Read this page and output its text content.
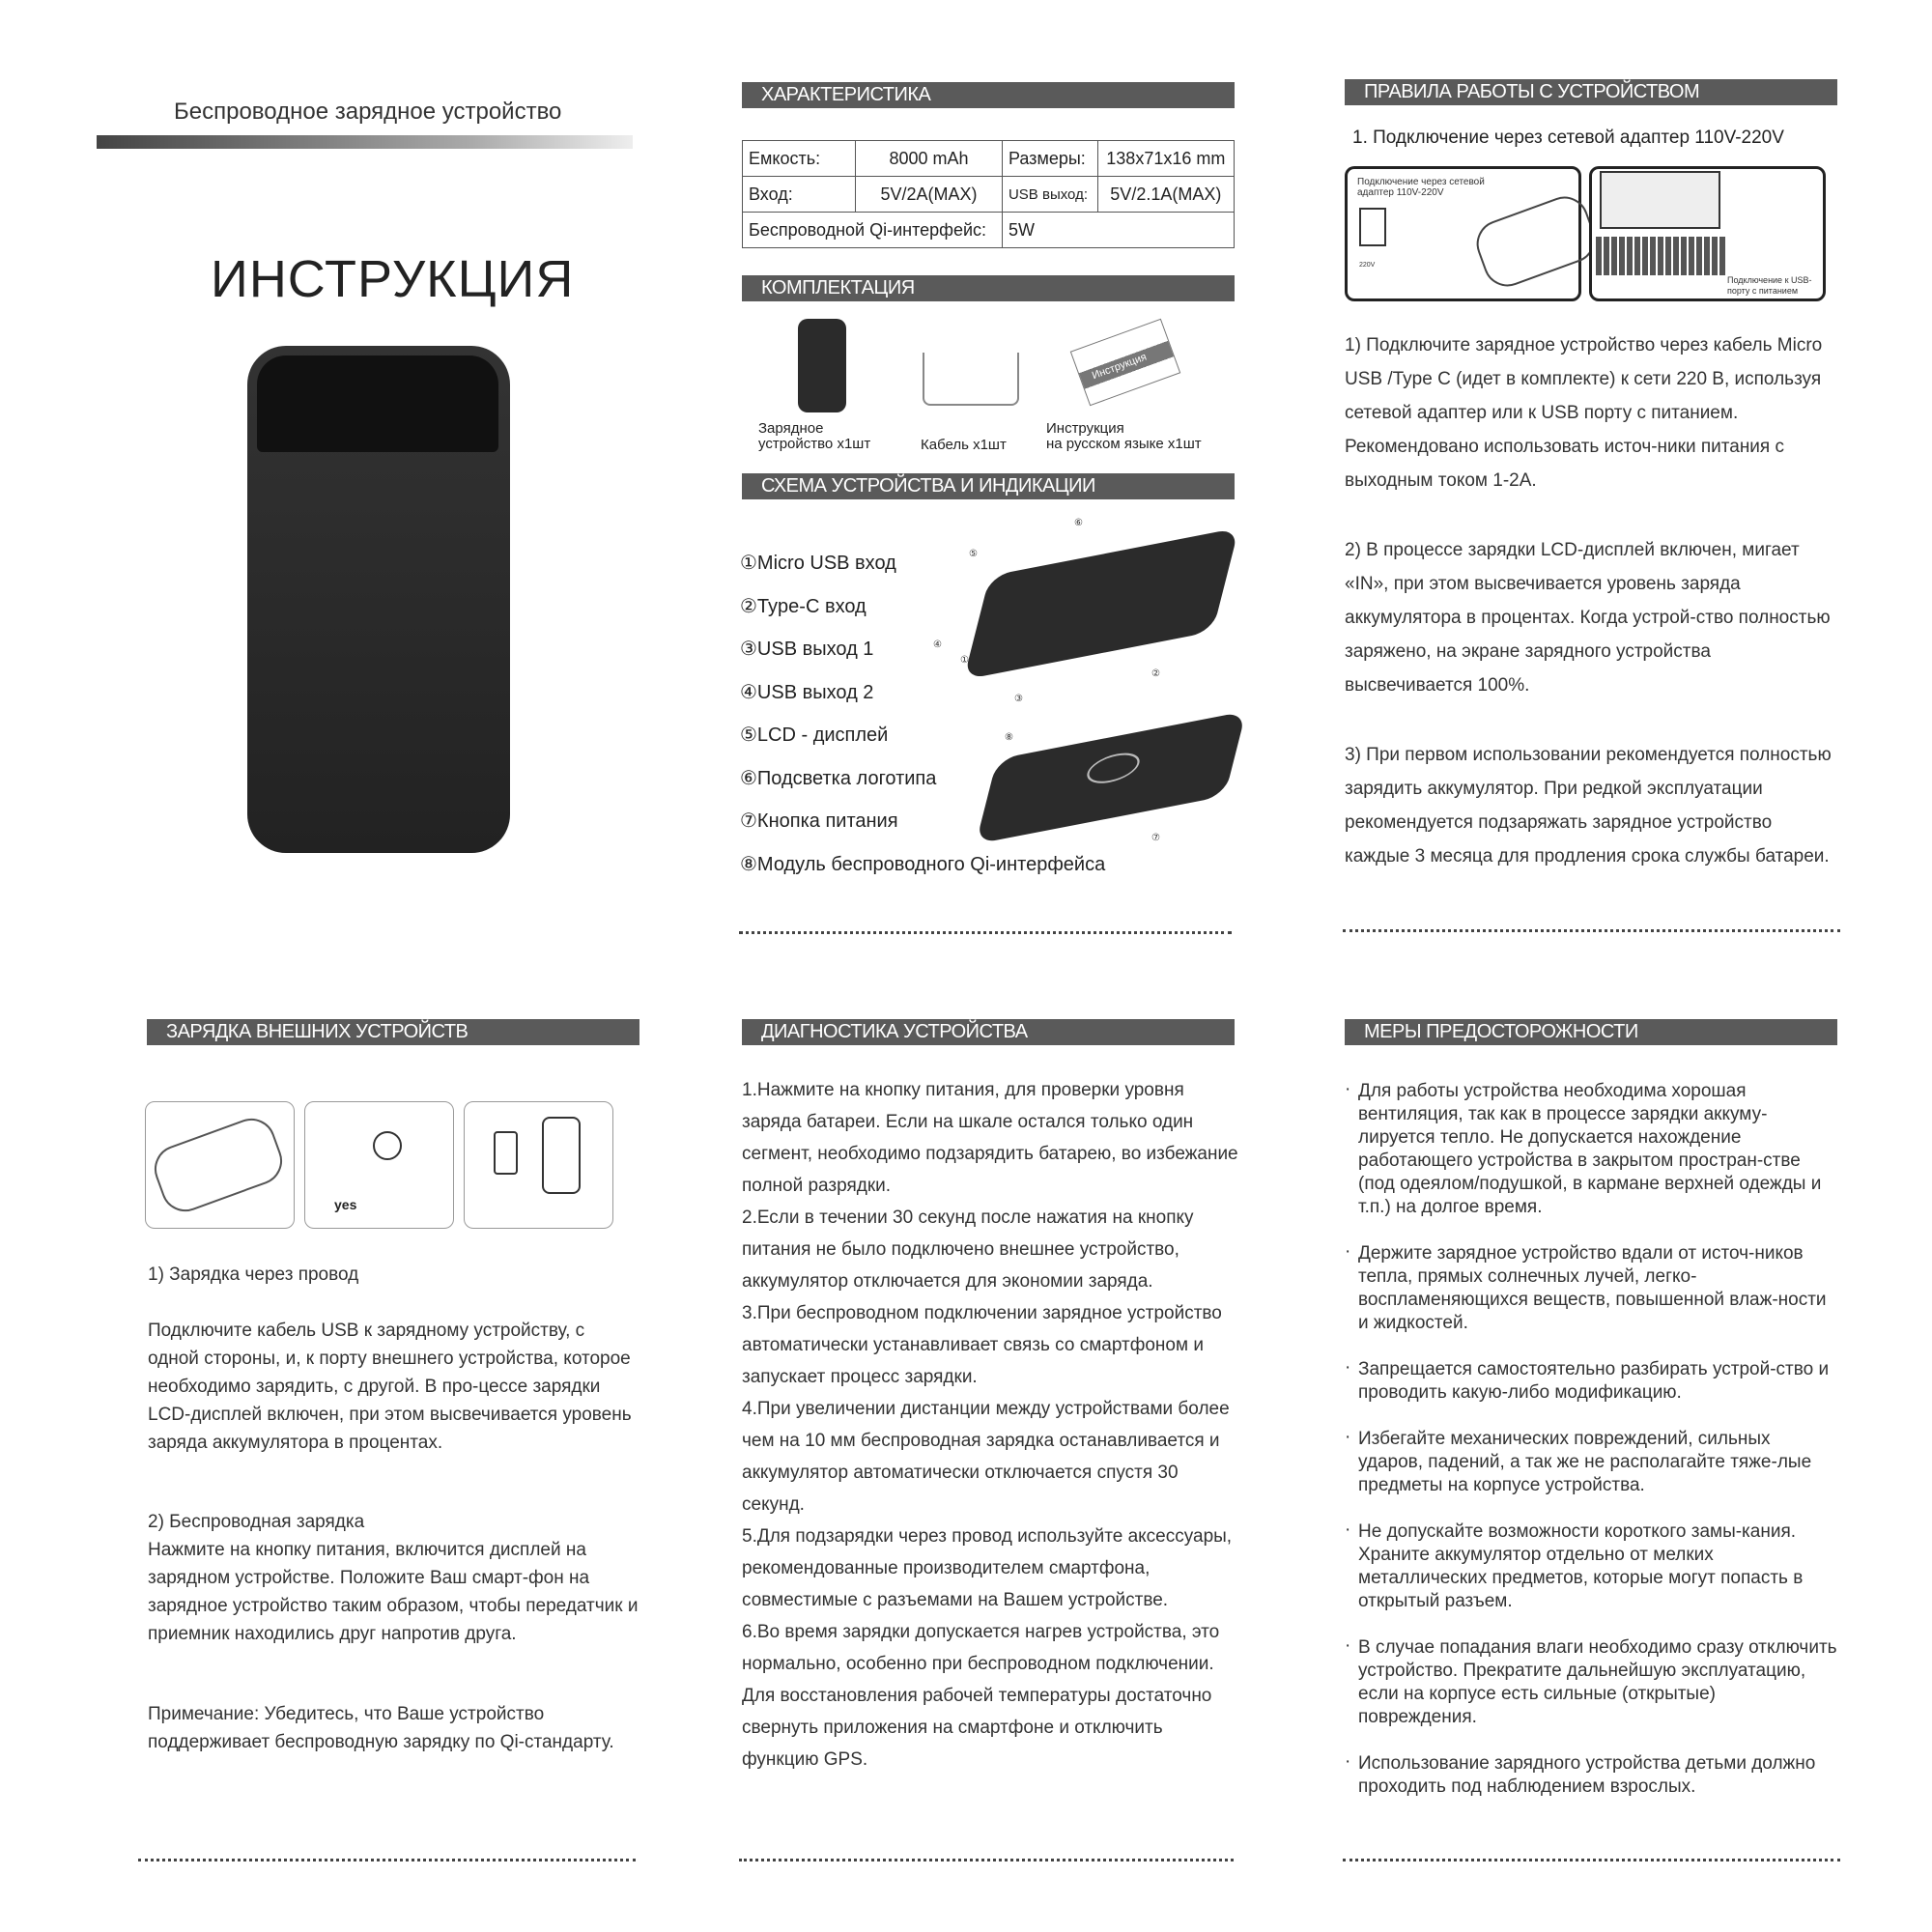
Беспроводное зарядное устройство
ИНСТРУКЦИЯ
ХАРАКТЕРИСТИКА
Емкость:	8000 mAh	Размеры:	138x71x16 mm
Вход:	5V/2A(MAX)	USB выход:	5V/2.1A(MAX)
Беспроводной Qi-интерфейс:		5W	
КОМПЛЕКТАЦИЯ
Инструкция
Зарядное
устройство x1шт	Кабель x1шт
Инструкция
на русском языке x1шт
СХЕМА УСТРОЙСТВА И ИНДИКАЦИИ
①Micro USB вход
②Type-C вход
③USB выход 1
④USB выход 2
⑤LCD - дисплей
⑥Подсветка логотипа
⑦Кнопка питания
⑧Модуль беспроводного Qi-интерфейса
⑥
⑤
④
①
③
②
⑧
⑦
ПРАВИЛА РАБОТЫ С УСТРОЙСТВОМ
1. Подключение через сетевой адаптер 110V-220V
Подключение через сетевой адаптер 110V-220V
220V
Подключение к USB-порту с питанием
1) Подключите зарядное устройство через кабель Micro USB /Type C (идет в комплекте) к сети 220 В, используя сетевой адаптер или к USB порту с питанием. Рекомендовано использовать источ-ники питания с выходным током 1-2А.
2) В процессе зарядки LCD-дисплей включен, мигает «IN», при этом высвечивается уровень заряда аккумулятора в процентах. Когда устрой-ство полностью заряжено, на экране зарядного устройства высвечивается 100%.
3) При первом использовании рекомендуется полностью зарядить аккумулятор. При редкой эксплуатации рекомендуется подзаряжать зарядное устройство каждые 3 месяца для продления срока службы батареи.
ЗАРЯДКА ВНЕШНИХ УСТРОЙСТВ
yes
1) Зарядка через провод
Подключите кабель USB к зарядному устройству, с одной стороны, и, к порту внешнего устройства, которое необходимо зарядить, с другой. В про-цессе зарядки LCD-дисплей включен, при этом высвечивается уровень заряда аккумулятора в процентах.
2) Беспроводная зарядка
Нажмите на кнопку питания, включится дисплей на зарядном устройстве. Положите Ваш смарт-фон на зарядное устройство таким образом, чтобы передатчик и приемник находились друг напротив друга.
Примечание: Убедитесь, что Ваше устройство поддерживает беспроводную зарядку по Qi-стандарту.
ДИАГНОСТИКА УСТРОЙСТВА
1.Нажмите на кнопку питания, для проверки уровня заряда батареи. Если на шкале остался только один сегмент, необходимо подзарядить батарею, во избежание полной разрядки.
2.Если в течении 30 секунд после нажатия на кнопку питания не было подключено внешнее устройство, аккумулятор отключается для экономии заряда.
3.При беспроводном подключении зарядное устройство автоматически устанавливает связь со смартфоном и запускает процесс зарядки.
4.При увеличении дистанции между устройствами более чем на 10 мм беспроводная зарядка останавливается и аккумулятор автоматически отключается спустя 30 секунд.
5.Для подзарядки через провод используйте аксессуары, рекомендованные производителем смартфона, совместимые с разъемами на Вашем устройстве.
6.Во время зарядки допускается нагрев устройства, это нормально, особенно при беспроводном подключении. Для восстановления рабочей температуры достаточно свернуть приложения на смартфоне и отключить функцию GPS.
МЕРЫ ПРЕДОСТОРОЖНОСТИ

· Для работы устройства необходима хорошая вентиляция, так как в процессе зарядки аккуму-лируется тепло. Не допускается нахождение работающего устройства в закрытом простран-стве (под одеялом/подушкой, в кармане верхней одежды и т.п.) на долгое время.

· Держите зарядное устройство вдали от источ-ников тепла, прямых солнечных лучей, легко-воспламеняющихся веществ, повышенной влаж-ности и жидкостей.

· Запрещается самостоятельно разбирать устрой-ство и проводить какую-либо модификацию.

· Избегайте механических повреждений, сильных ударов, падений, а так же не располагайте тяже-лые предметы на корпусе устройства.

· Не допускайте возможности короткого замы-кания. Храните аккумулятор отдельно от мелких металлических предметов, которые могут попасть в открытый разъем.

· В случае попадания влаги необходимо сразу отключить устройство. Прекратите дальнейшую эксплуатацию, если на корпусе есть сильные (открытые) повреждения.

· Использование зарядного устройства детьми должно проходить под наблюдением взрослых.
